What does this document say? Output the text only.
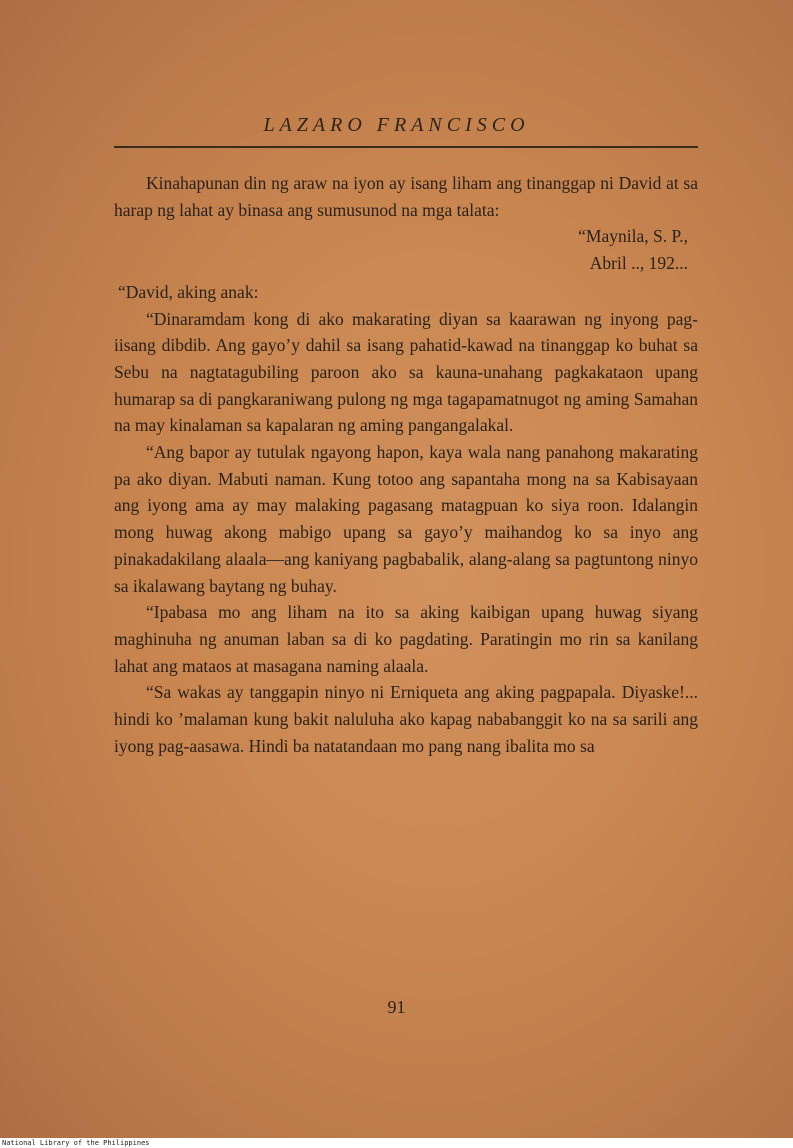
LAZARO FRANCISCO

Kinahapunan din ng araw na iyon ay isang liham ang tinanggap ni David at sa harap ng lahat ay binasa ang sumusunod na mga talata:

“Maynila, S. P.,

Abril .., 192...

“David, aking anak:

“Dinaramdam kong di ako makarating diyan sa kaarawan ng inyong pag-iisang dibdib. Ang gayo’y dahil sa isang pahatid-kawad na tinanggap ko buhat sa Sebu na nagtatagubiling paroon ako sa kauna-unahang pagkakataon upang humarap sa di pangkaraniwang pulong ng mga tagapamatnugot ng aming Samahan na may kinalaman sa kapalaran ng aming pangangalakal.

“Ang bapor ay tutulak ngayong hapon, kaya wala nang panahong makarating pa ako diyan. Mabuti naman. Kung totoo ang sapantaha mong na sa Kabisayaan ang iyong ama ay may malaking pagasang matagpuan ko siya roon. Idalangin mong huwag akong mabigo upang sa gayo’y maihandog ko sa inyo ang pinakadakilang alaala—ang kaniyang pagbabalik, alang-alang sa pagtuntong ninyo sa ikalawang baytang ng buhay.

“Ipabasa mo ang liham na ito sa aking kaibigan upang huwag siyang maghinuha ng anuman laban sa di ko pagdating. Paratingin mo rin sa kanilang lahat ang mataos at masagana naming alaala.

“Sa wakas ay tanggapin ninyo ni Erniqueta ang aking pagpapala. Diyaske!... hindi ko ’malaman kung bakit naluluha ako kapag nababanggit ko na sa sarili ang iyong pag-aasawa. Hindi ba natatandaan mo pang nang ibalita mo sa

91
National Library of the Philippines
